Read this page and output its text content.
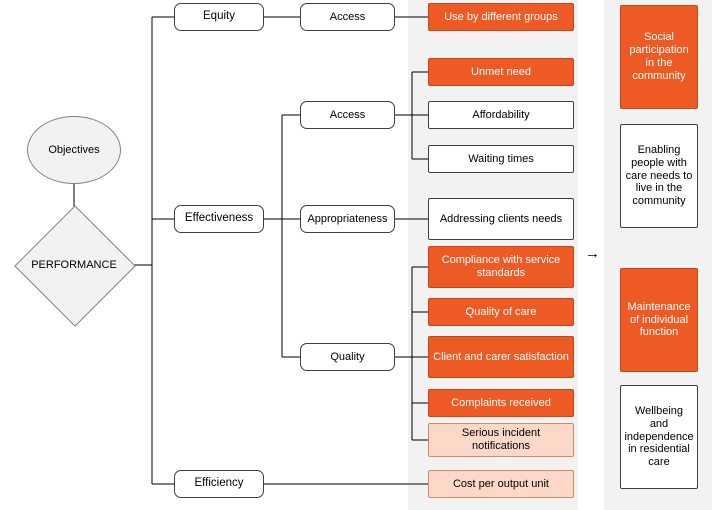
Objectives
PERFORMANCE
Equity
Effectiveness
Efficiency
Access
Access
Appropriateness
Quality
Use by different groups
Unmet need
Affordability
Waiting times
Addressing clients needs
Compliance with service standards
Quality of care
Client and carer satisfaction
Complaints received
Serious incident notifications
Cost per output unit
→
Social participation in the community
Enabling people with care needs to live in the community
Maintenance of individual function
Wellbeing and independence in residential care
